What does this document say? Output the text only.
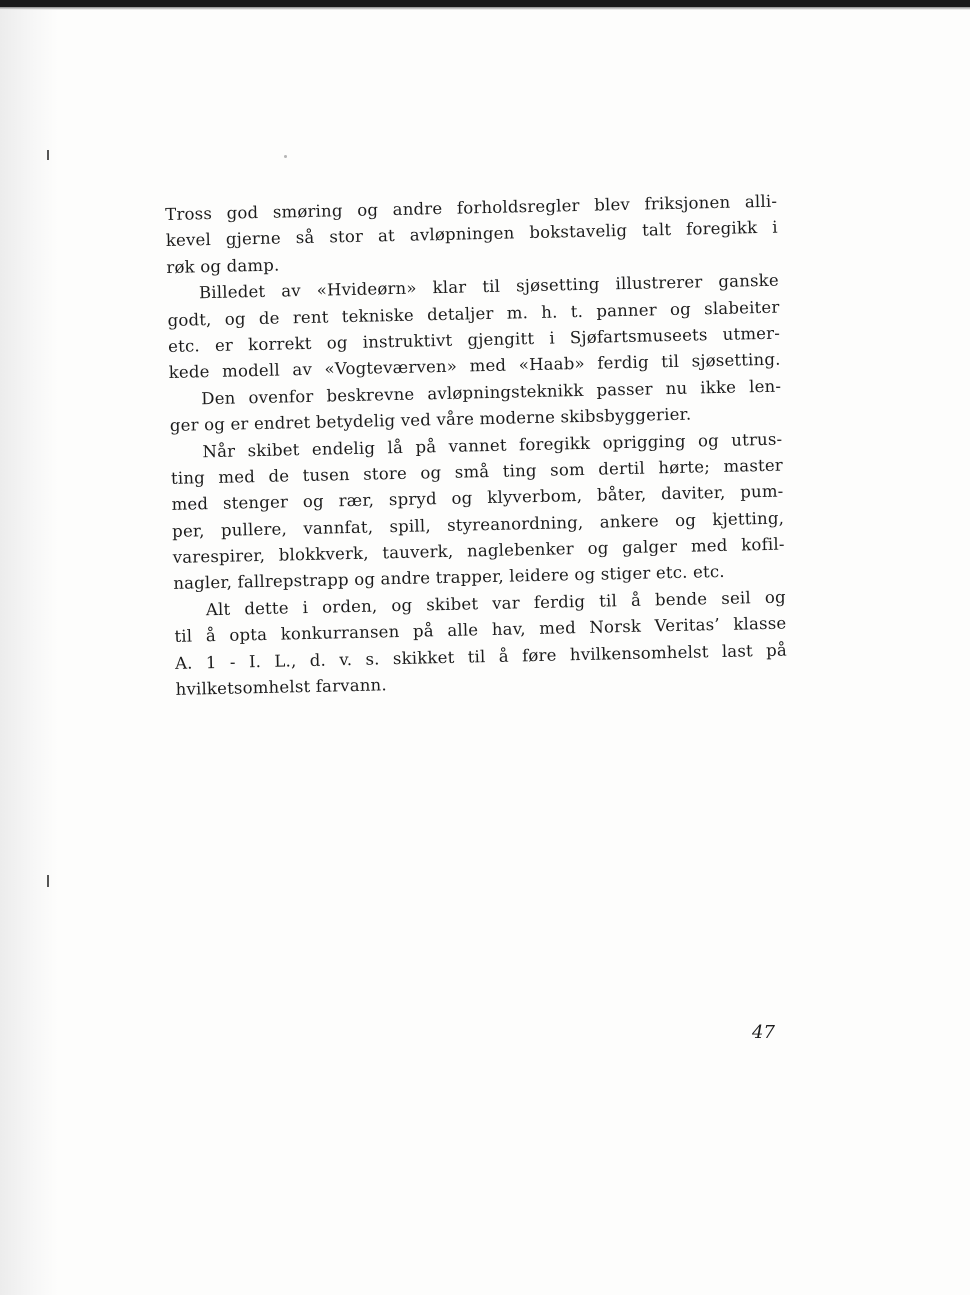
Tross god smøring og andre forholdsregler blev friksjonen alli-
kevel gjerne så stor at avløpningen bokstavelig talt foregikk i
røk og damp.
Billedet av «Hvideørn» klar til sjøsetting illustrerer ganske
godt, og de rent tekniske detaljer m. h. t. panner og slabeiter
etc. er korrekt og instruktivt gjengitt i Sjøfartsmuseets utmer-
kede modell av «Vogteværven» med «Haab» ferdig til sjøsetting.
Den ovenfor beskrevne avløpningsteknikk passer nu ikke len-
ger og er endret betydelig ved våre moderne skibsbyggerier.
Når skibet endelig lå på vannet foregikk oprigging og utrus-
ting med de tusen store og små ting som dertil hørte; master
med stenger og rær, spryd og klyverbom, båter, daviter, pum-
per, pullere, vannfat, spill, styreanordning, ankere og kjetting,
varespirer, blokkverk, tauverk, naglebenker og galger med kofil-
nagler, fallrepstrapp og andre trapper, leidere og stiger etc. etc.
Alt dette i orden, og skibet var ferdig til å bende seil og
til å opta konkurransen på alle hav, med Norsk Veritas’ klasse
A. 1 - I. L., d. v. s. skikket til å føre hvilkensomhelst last på
hvilketsomhelst farvann.
47
